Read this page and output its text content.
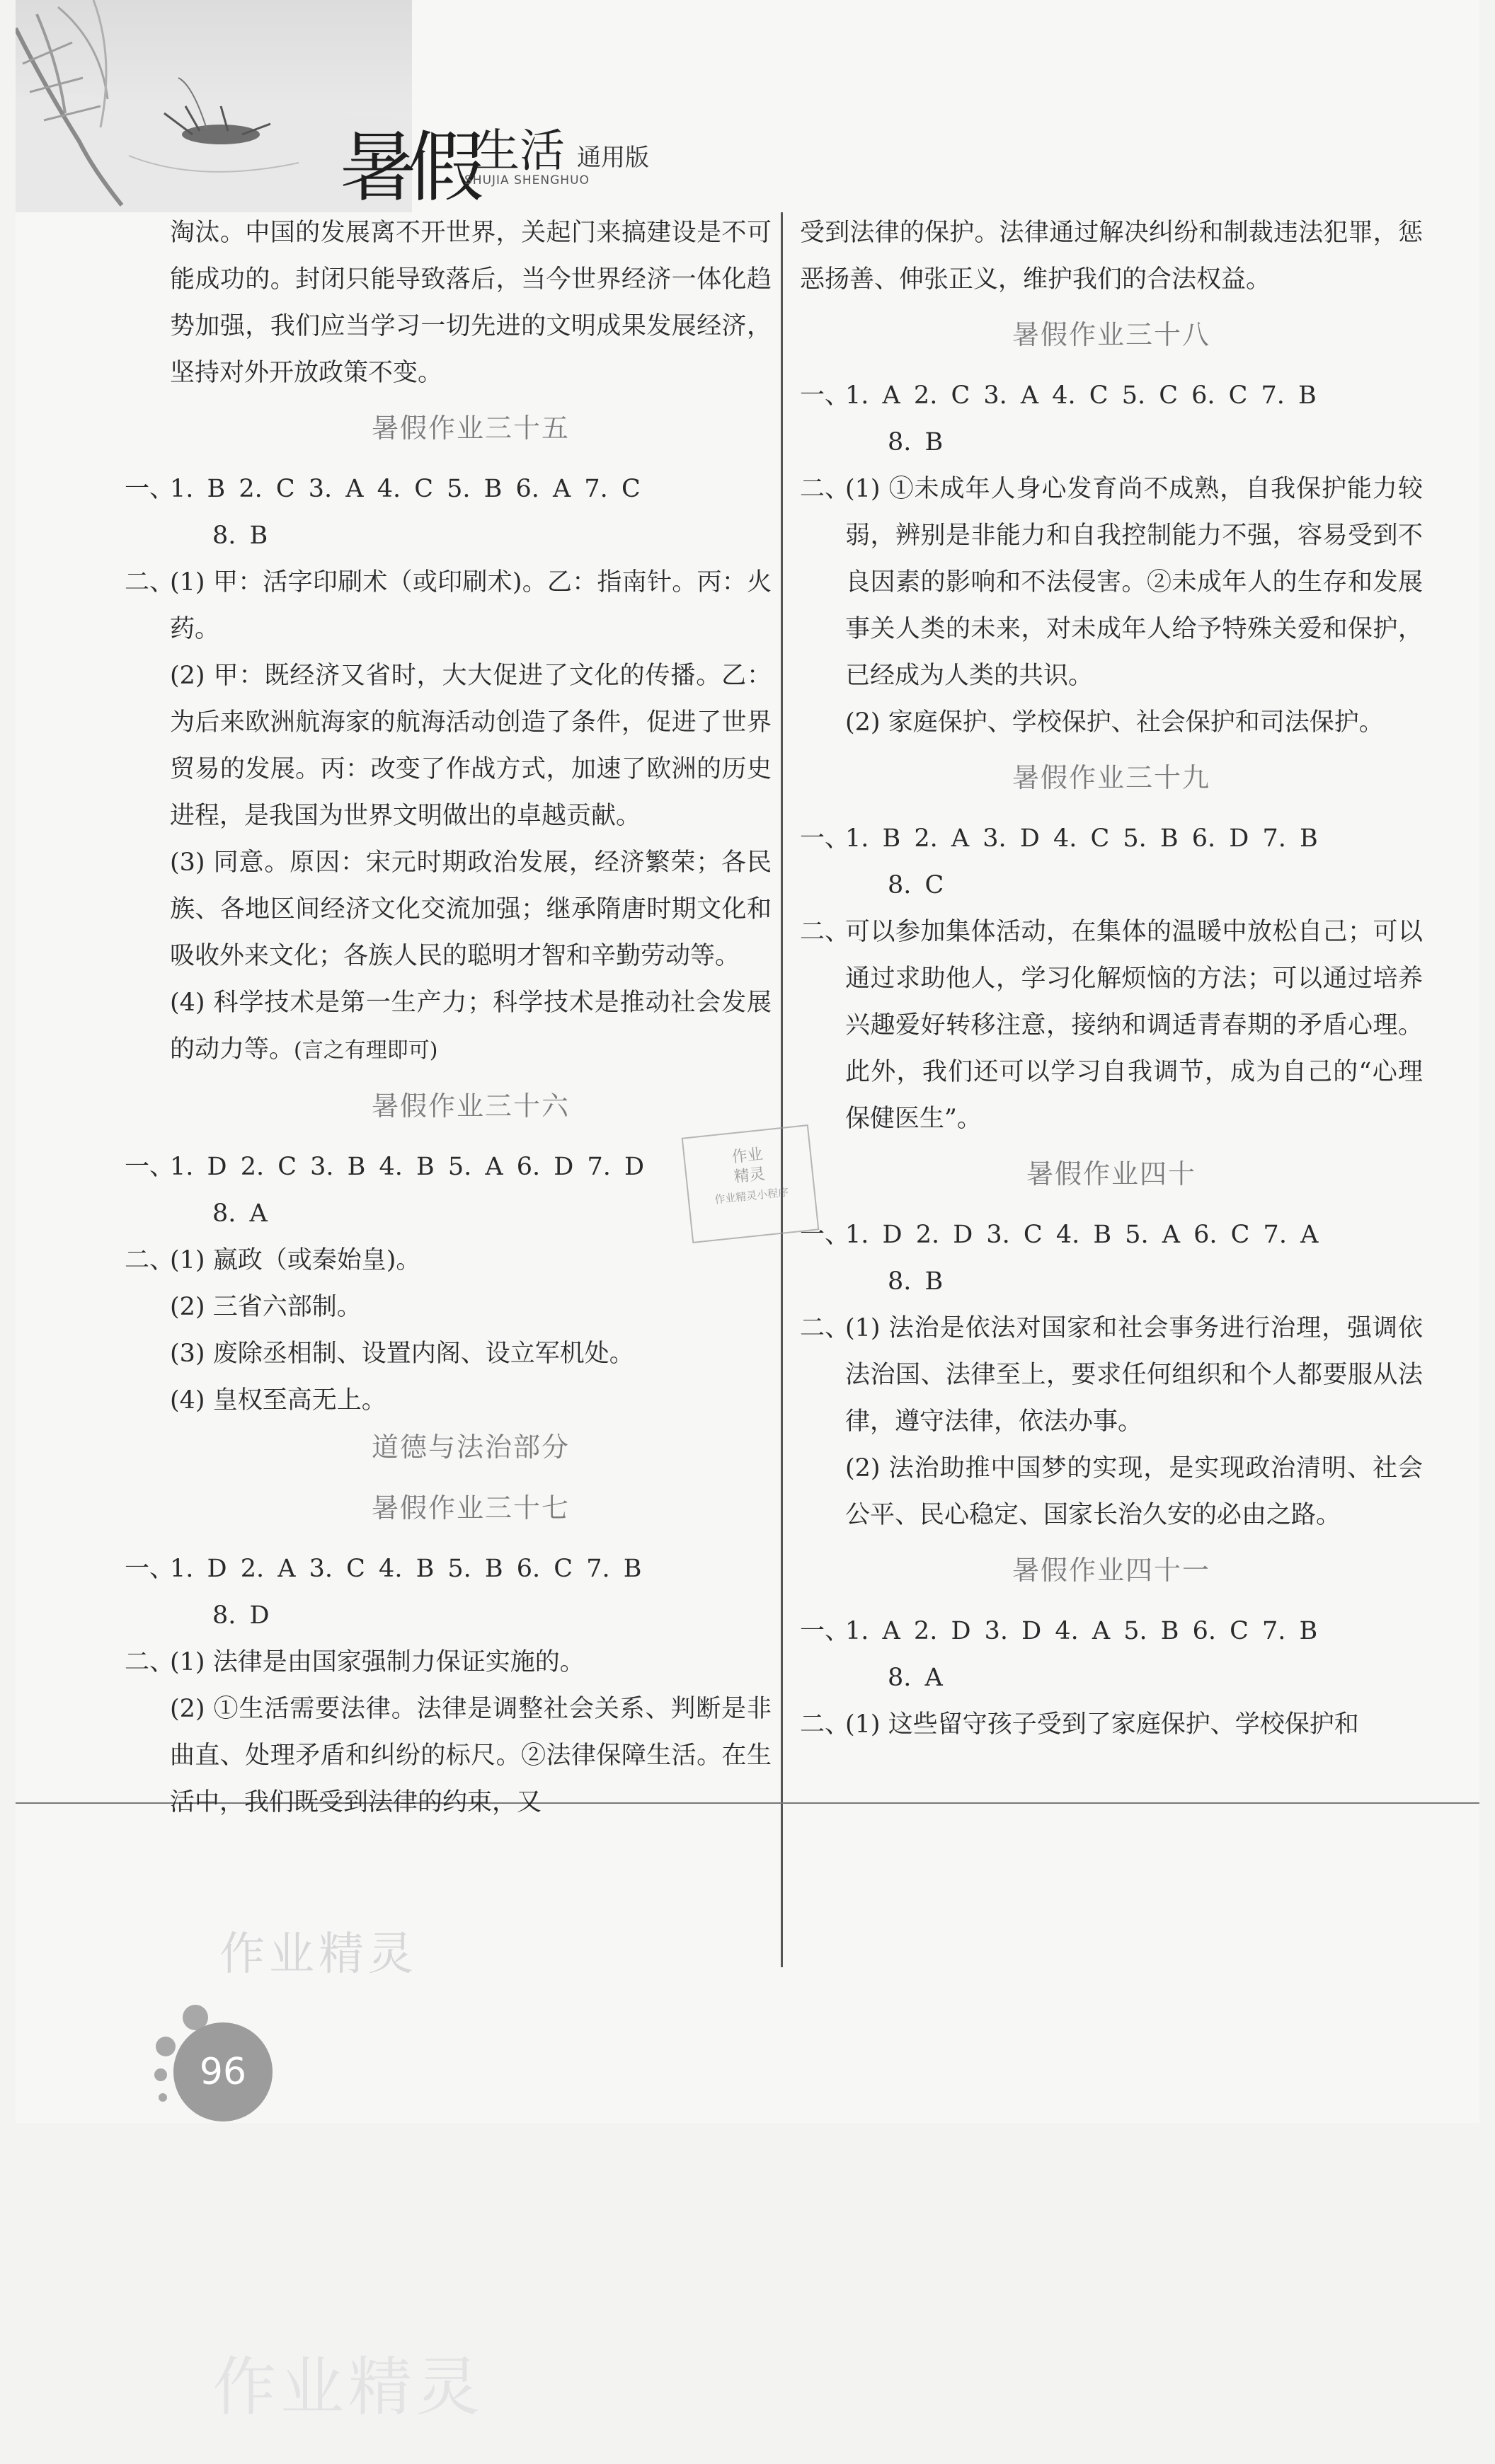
暑假
生活 通用版
SHUJIA SHENGHUO

淘汰。中国的发展离不开世界，关起门来搞建设是不可能成功的。封闭只能导致落后，当今世界经济一体化趋势加强，我们应当学习一切先进的文明成果发展经济，坚持对外开放政策不变。

暑假作业三十五
一、
1. B 2. C 3. A 4. C 5. B 6. A 7. C
8. B
二、

(1) 甲：活字印刷术（或印刷术)。乙：指南针。丙：火药。

(2) 甲：既经济又省时，大大促进了文化的传播。乙：为后来欧洲航海家的航海活动创造了条件，促进了世界贸易的发展。丙：改变了作战方式，加速了欧洲的历史进程，是我国为世界文明做出的卓越贡献。

(3) 同意。原因：宋元时期政治发展，经济繁荣；各民族、各地区间经济文化交流加强；继承隋唐时期文化和吸收外来文化；各族人民的聪明才智和辛勤劳动等。

(4) 科学技术是第一生产力；科学技术是推动社会发展的动力等。(言之有理即可)

暑假作业三十六
一、
1. D 2. C 3. B 4. B 5. A 6. D 7. D
8. A
二、

(1) 嬴政（或秦始皇)。

(2) 三省六部制。

(3) 废除丞相制、设置内阁、设立军机处。

(4) 皇权至高无上。

道德与法治部分
暑假作业三十七
一、
1. D 2. A 3. C 4. B 5. B 6. C 7. B
8. D
二、

(1) 法律是由国家强制力保证实施的。

(2) ①生活需要法律。法律是调整社会关系、判断是非曲直、处理矛盾和纠纷的标尺。②法律保障生活。在生活中，我们既受到法律的约束，又

受到法律的保护。法律通过解决纠纷和制裁违法犯罪，惩恶扬善、伸张正义，维护我们的合法权益。

暑假作业三十八
一、
1. A 2. C 3. A 4. C 5. C 6. C 7. B
8. B
二、

(1) ①未成年人身心发育尚不成熟，自我保护能力较弱，辨别是非能力和自我控制能力不强，容易受到不良因素的影响和不法侵害。②未成年人的生存和发展事关人类的未来，对未成年人给予特殊关爱和保护，已经成为人类的共识。

(2) 家庭保护、学校保护、社会保护和司法保护。

暑假作业三十九
一、
1. B 2. A 3. D 4. C 5. B 6. D 7. B
8. C
二、

可以参加集体活动，在集体的温暖中放松自己；可以通过求助他人，学习化解烦恼的方法；可以通过培养兴趣爱好转移注意，接纳和调适青春期的矛盾心理。此外，我们还可以学习自我调节，成为自己的“心理保健医生”。

暑假作业四十
一、
1. D 2. D 3. C 4. B 5. A 6. C 7. A
8. B
二、

(1) 法治是依法对国家和社会事务进行治理，强调依法治国、法律至上，要求任何组织和个人都要服从法律，遵守法律，依法办事。

(2) 法治助推中国梦的实现，是实现政治清明、社会公平、民心稳定、国家长治久安的必由之路。

暑假作业四十一
一、
1. A 2. D 3. D 4. A 5. B 6. C 7. B
8. A
二、

(1) 这些留守孩子受到了家庭保护、学校保护和

作业
精灵
作业精灵小程序
作业精灵
作业精灵
96
